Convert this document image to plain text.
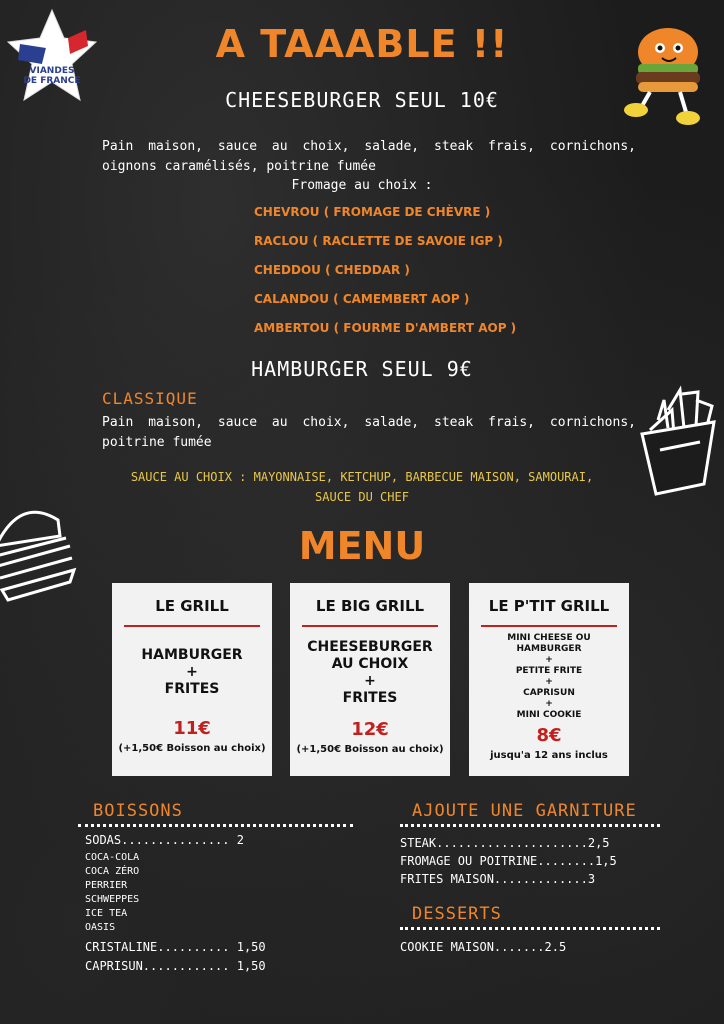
VIANDES
DE FRANCE
A TAAABLE !!
CHEESEBURGER SEUL 10€
Pain maison, sauce au choix, salade, steak frais, cornichons, oignons caramélisés, poitrine fumée
Fromage au choix :
CHEVROU ( FROMAGE DE CHÈVRE )
RACLOU ( RACLETTE DE SAVOIE IGP )
CHEDDOU ( CHEDDAR )
CALANDOU ( CAMEMBERT AOP )
AMBERTOU ( FOURME D'AMBERT AOP )
HAMBURGER SEUL 9€
CLASSIQUE
Pain maison, sauce au choix, salade, steak frais, cornichons, poitrine fumée
SAUCE AU CHOIX : MAYONNAISE, KETCHUP, BARBECUE MAISON, SAMOURAI,
SAUCE DU CHEF
MENU
LE GRILL
HAMBURGER
+
FRITES
11€
(+1,50€ Boisson au choix)
LE BIG GRILL
CHEESEBURGER
AU CHOIX
+
FRITES
12€
(+1,50€ Boisson au choix)
LE P'TIT GRILL
MINI CHEESE OU
HAMBURGER
+
PETITE FRITE
+
CAPRISUN
+
MINI COOKIE
8€
jusqu'a 12 ans inclus
BOISSONS
SODAS............... 2
COCA-COLA
COCA ZÉRO
PERRIER
SCHWEPPES
ICE TEA
OASIS
CRISTALINE.......... 1,50
CAPRISUN............ 1,50
AJOUTE UNE GARNITURE
STEAK.....................2,5
FROMAGE OU POITRINE........1,5
FRITES MAISON.............3
DESSERTS
COOKIE MAISON.......2.5
